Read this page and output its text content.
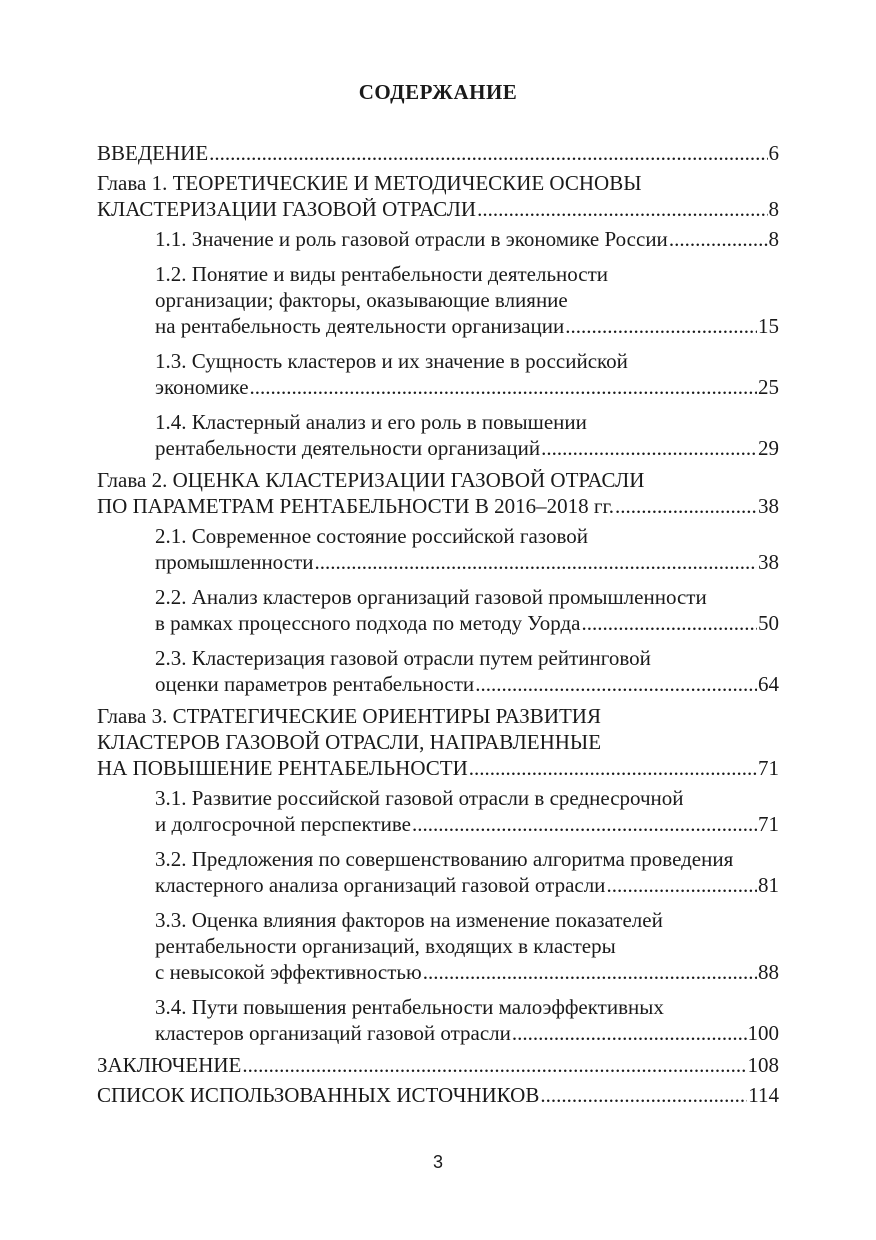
СОДЕРЖАНИЕ
ВВЕДЕНИЕ .....	6
Глава 1. ТЕОРЕТИЧЕСКИЕ И МЕТОДИЧЕСКИЕ ОСНОВЫ
КЛАСТЕРИЗАЦИИ ГАЗОВОЙ ОТРАСЛИ .....	8
1.1. Значение и роль газовой отрасли в экономике России .....	8
1.2. Понятие и виды рентабельности деятельности
организации; факторы, оказывающие влияние
на рентабельность деятельности организации .....	15
1.3. Сущность кластеров и их значение в российской
экономике .....	25
1.4. Кластерный анализ и его роль в повышении
рентабельности деятельности организаций .....	29
Глава 2. ОЦЕНКА КЛАСТЕРИЗАЦИИ ГАЗОВОЙ ОТРАСЛИ
ПО ПАРАМЕТРАМ РЕНТАБЕЛЬНОСТИ В 2016–2018 гг. .....	38
2.1. Современное состояние российской газовой
промышленности .....	38
2.2. Анализ кластеров организаций газовой промышленности
в рамках процессного подхода по методу Уорда .....	50
2.3. Кластеризация газовой отрасли путем рейтинговой
оценки параметров рентабельности .....	64
Глава 3. СТРАТЕГИЧЕСКИЕ ОРИЕНТИРЫ РАЗВИТИЯ
КЛАСТЕРОВ ГАЗОВОЙ ОТРАСЛИ, НАПРАВЛЕННЫЕ
НА ПОВЫШЕНИЕ РЕНТАБЕЛЬНОСТИ .....	71
3.1. Развитие российской газовой отрасли в среднесрочной
и долгосрочной перспективе .....	71
3.2. Предложения по совершенствованию алгоритма проведения
кластерного анализа организаций газовой отрасли .....	81
3.3. Оценка влияния факторов на изменение показателей
рентабельности организаций, входящих в кластеры
с невысокой эффективностью .....	88
3.4. Пути повышения рентабельности малоэффективных
кластеров организаций газовой отрасли .....	100
ЗАКЛЮЧЕНИЕ .....	108
СПИСОК ИСПОЛЬЗОВАННЫХ ИСТОЧНИКОВ .....	114
3
